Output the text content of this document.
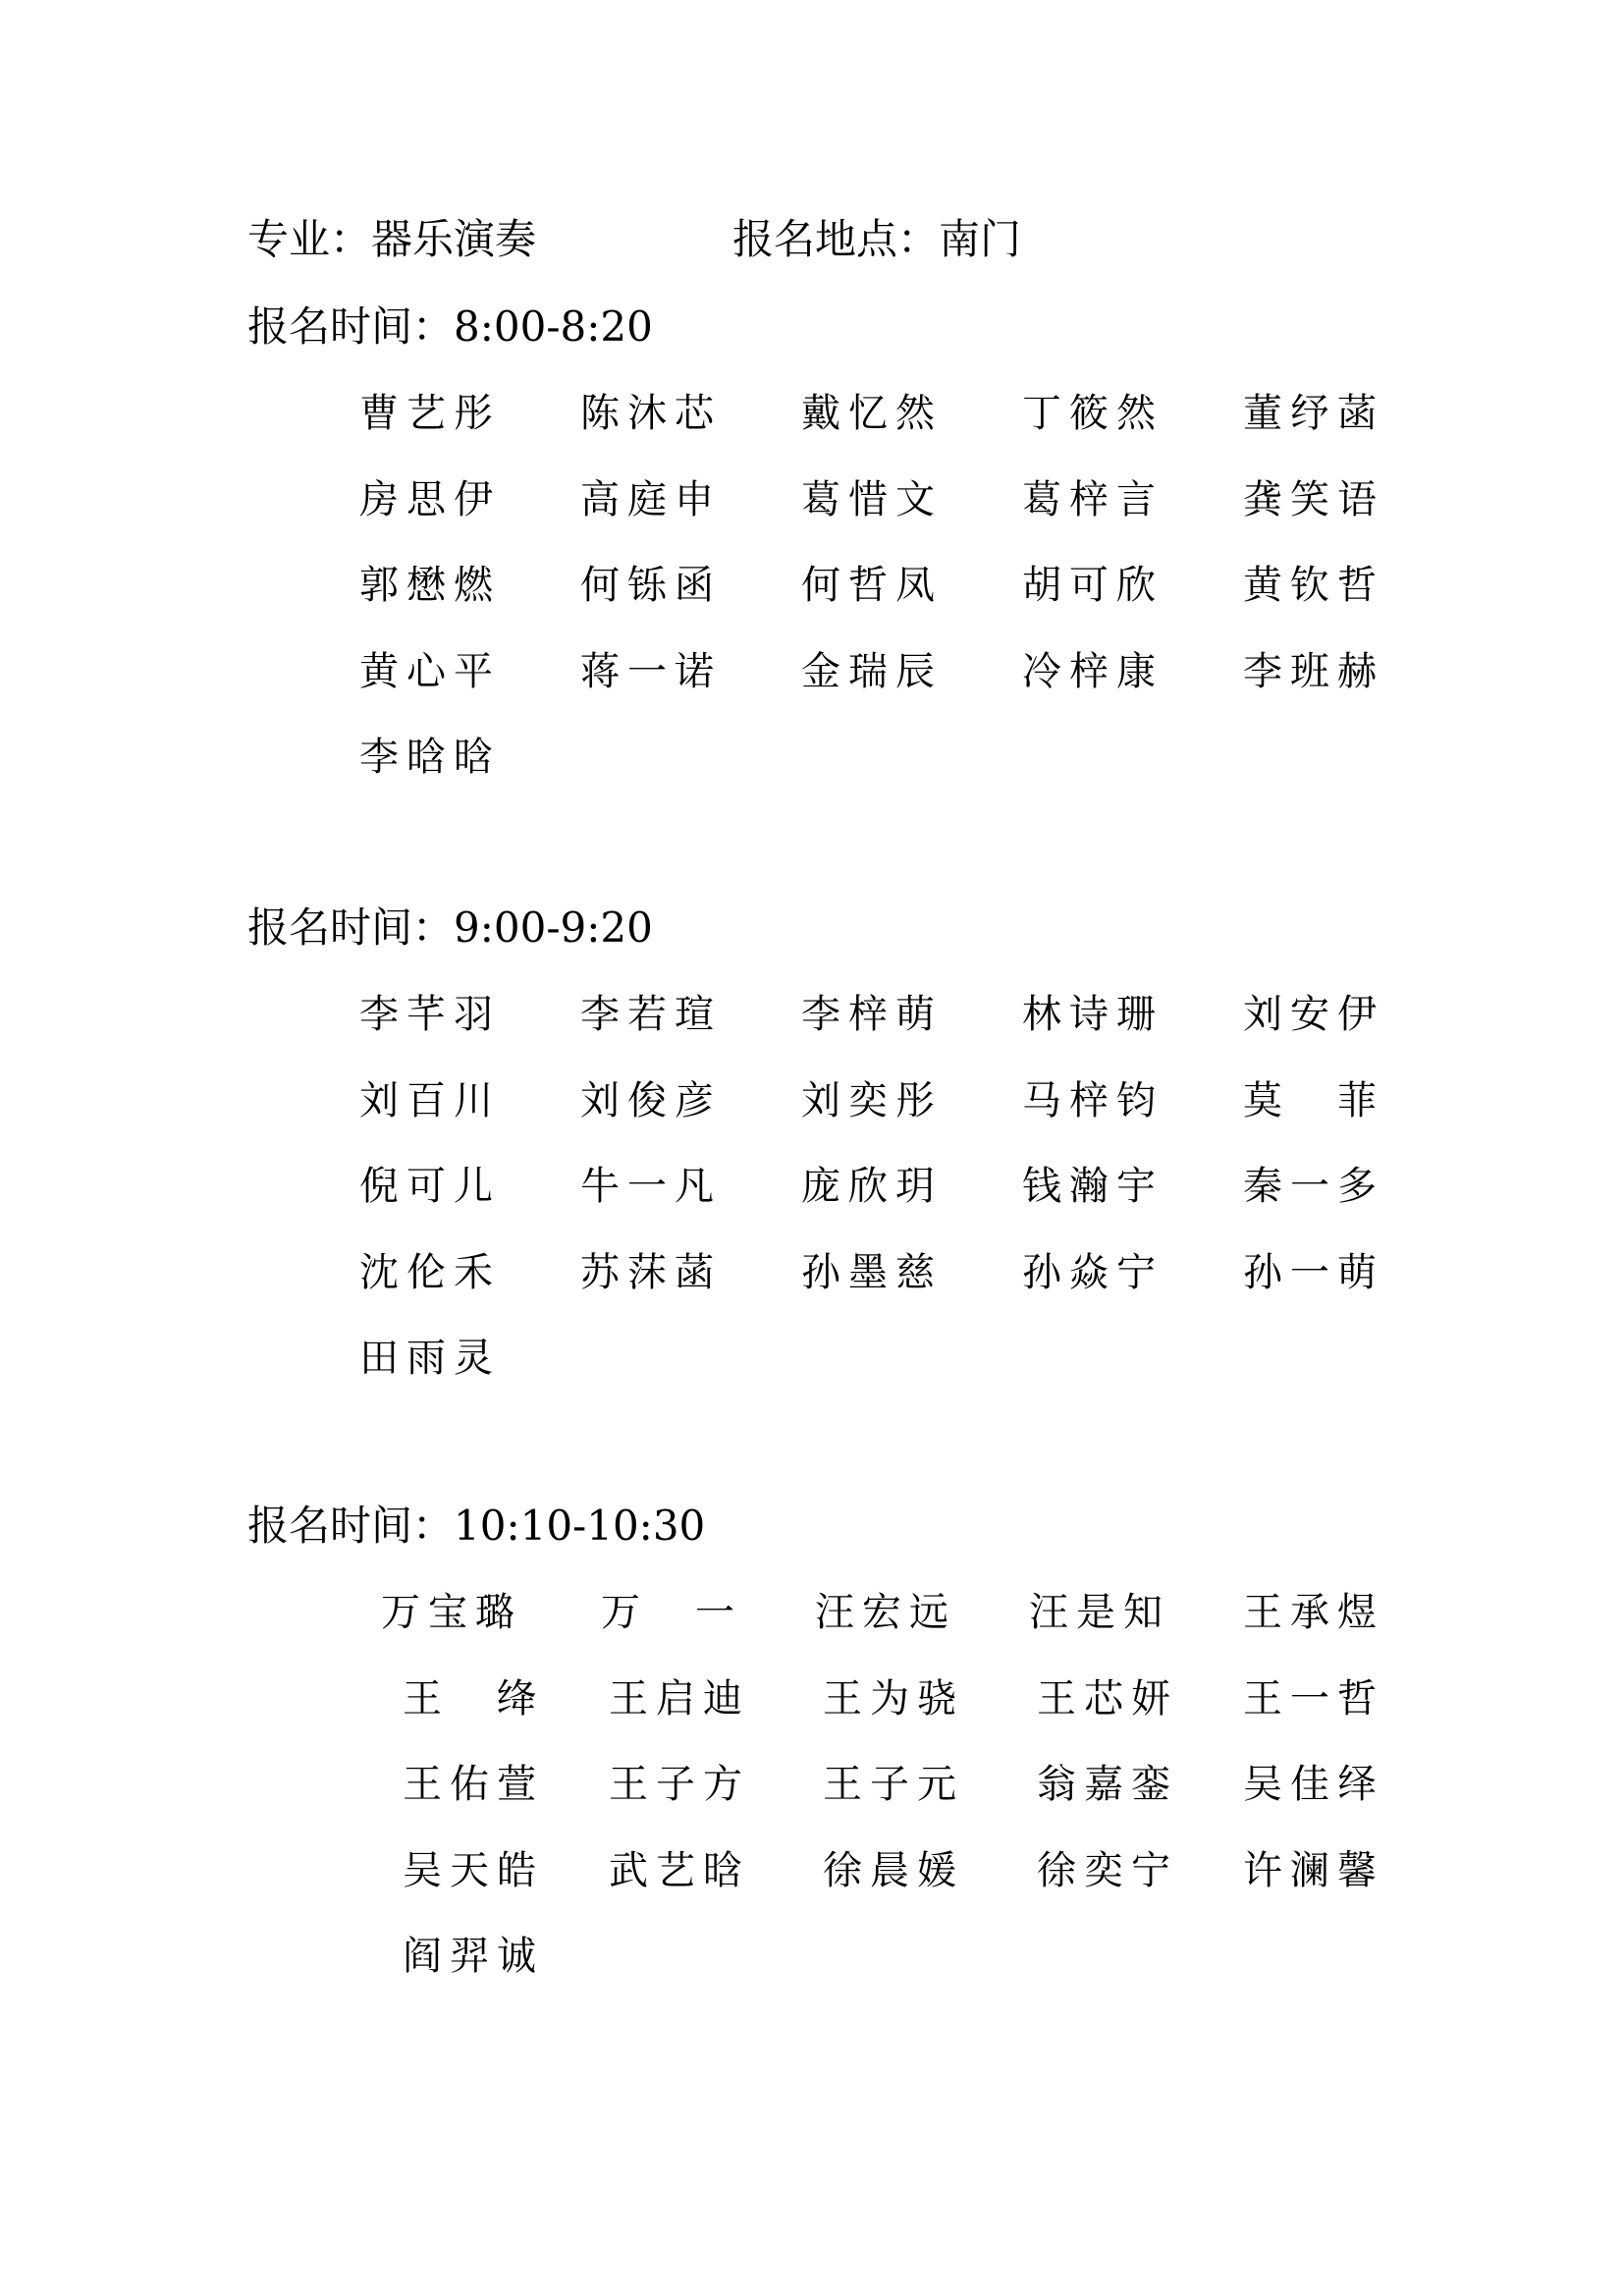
专业：器乐演奏	报名地点：南门
报名时间：8:00-8:20
曹艺彤	陈沐芯	戴忆然	丁筱然	董纾菡
房思伊	高庭申	葛惜文	葛梓言	龚笑语
郭懋燃	何铄函	何哲凤	胡可欣	黄钦哲
黄心平	蒋一诺	金瑞辰	冷梓康	李班赫
李晗晗
报名时间：9:00-9:20
李芊羽	李若瑄	李梓萌	林诗珊	刘安伊
刘百川	刘俊彦	刘奕彤	马梓钧	莫　菲
倪可儿	牛一凡	庞欣玥	钱瀚宇	秦一多
沈伦禾	苏莯菡	孙墨慈	孙焱宁	孙一萌
田雨灵
报名时间：10:10-10:30
万宝璐	万　一	汪宏远	汪是知	王承煜
王　绛	王启迪	王为骁	王芯妍	王一哲
王佑萱	王子方	王子元	翁嘉銮	吴佳绎
吴天皓	武艺晗	徐晨媛	徐奕宁	许澜馨
阎羿诚
